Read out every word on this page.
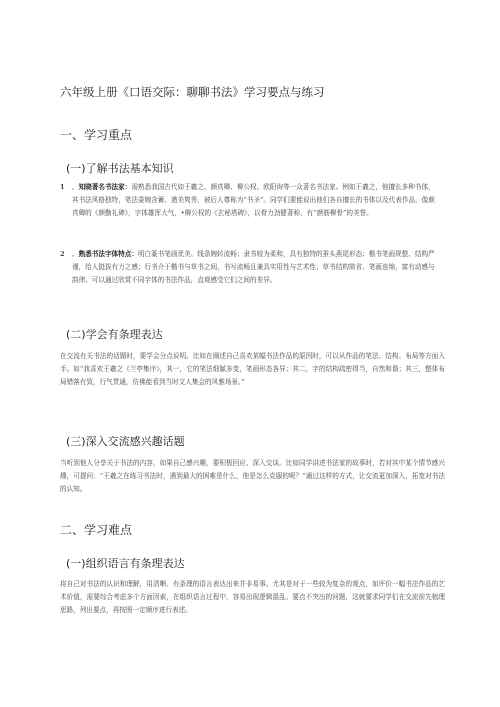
六年级上册《口语交际：聊聊书法》学习要点与练习
一、学习重点
(一)了解书法基本知识
1 ．知晓著名书法家：需熟悉我国古代如王羲之、颜真卿、柳公权、欧阳询等一众著名书法家。例如王羲之，他擅长多种书体，其书法风格独特，笔法委婉含蓄、遒美隽秀，被后人尊称为“书圣”。同学们要能说出他们各自擅长的书体以及代表作品，像颜真卿的《颜勤礼碑》，字体雄浑大气，•柳公权的《玄秘塔碑》，以骨力劲健著称，有“颜筋柳骨”的美誉。
2 ．熟悉书法字体特点：明白篆书笔画优美、线条婉转流畅；隶书较为柔和，具有独特的蚕头燕尾形态；楷书笔画规整、结构严谨，给人挺拔有力之感；行书介于楷书与草书之间，书写流畅且兼具实用性与艺术性；草书结构简省、笔画连绵，富有动感与韵律。可以通过欣赏不同字体的书法作品，直观感受它们之间的差异。
(二)学会有条理表达
在交流有关书法的话题时，要学会分点说明。比如在阐述自己喜欢某幅书法作品的原因时，可以从作品的笔法、结构、布局等方面入手。如“我喜欢王羲之《兰亭集序》，其一，它的笔法细腻多变，笔画形态各异；其二，字的结构疏密得当，自然和谐；其三，整体布局错落有致，行气贯通，仿佛能看到当时文人集会的风雅场景。”
(三)深入交流感兴趣话题
当听到他人分享关于书法的内容，如果自己感兴趣，要积极回应、深入交谈。比如同学讲述书法家的故事时，若对其中某个情节感兴趣，可提问：“王羲之在练习书法时，遇到最大的困难是什么，他是怎么克服的呢？”通过这样的方式，让交流更加深入，拓宽对书法的认知。
二、学习难点
(一)组织语言有条理表达
将自己对书法的认识和理解，用清晰、有条理的语言表达出来并非易事。尤其是对于一些较为复杂的观点，如评价一幅书法作品的艺术价值，需要综合考虑多个方面因素，在组织语言过程中，容易出现逻辑混乱、要点不突出的问题，这就要求同学们在交流前先梳理思路，列出要点，再按照一定顺序进行表述。
